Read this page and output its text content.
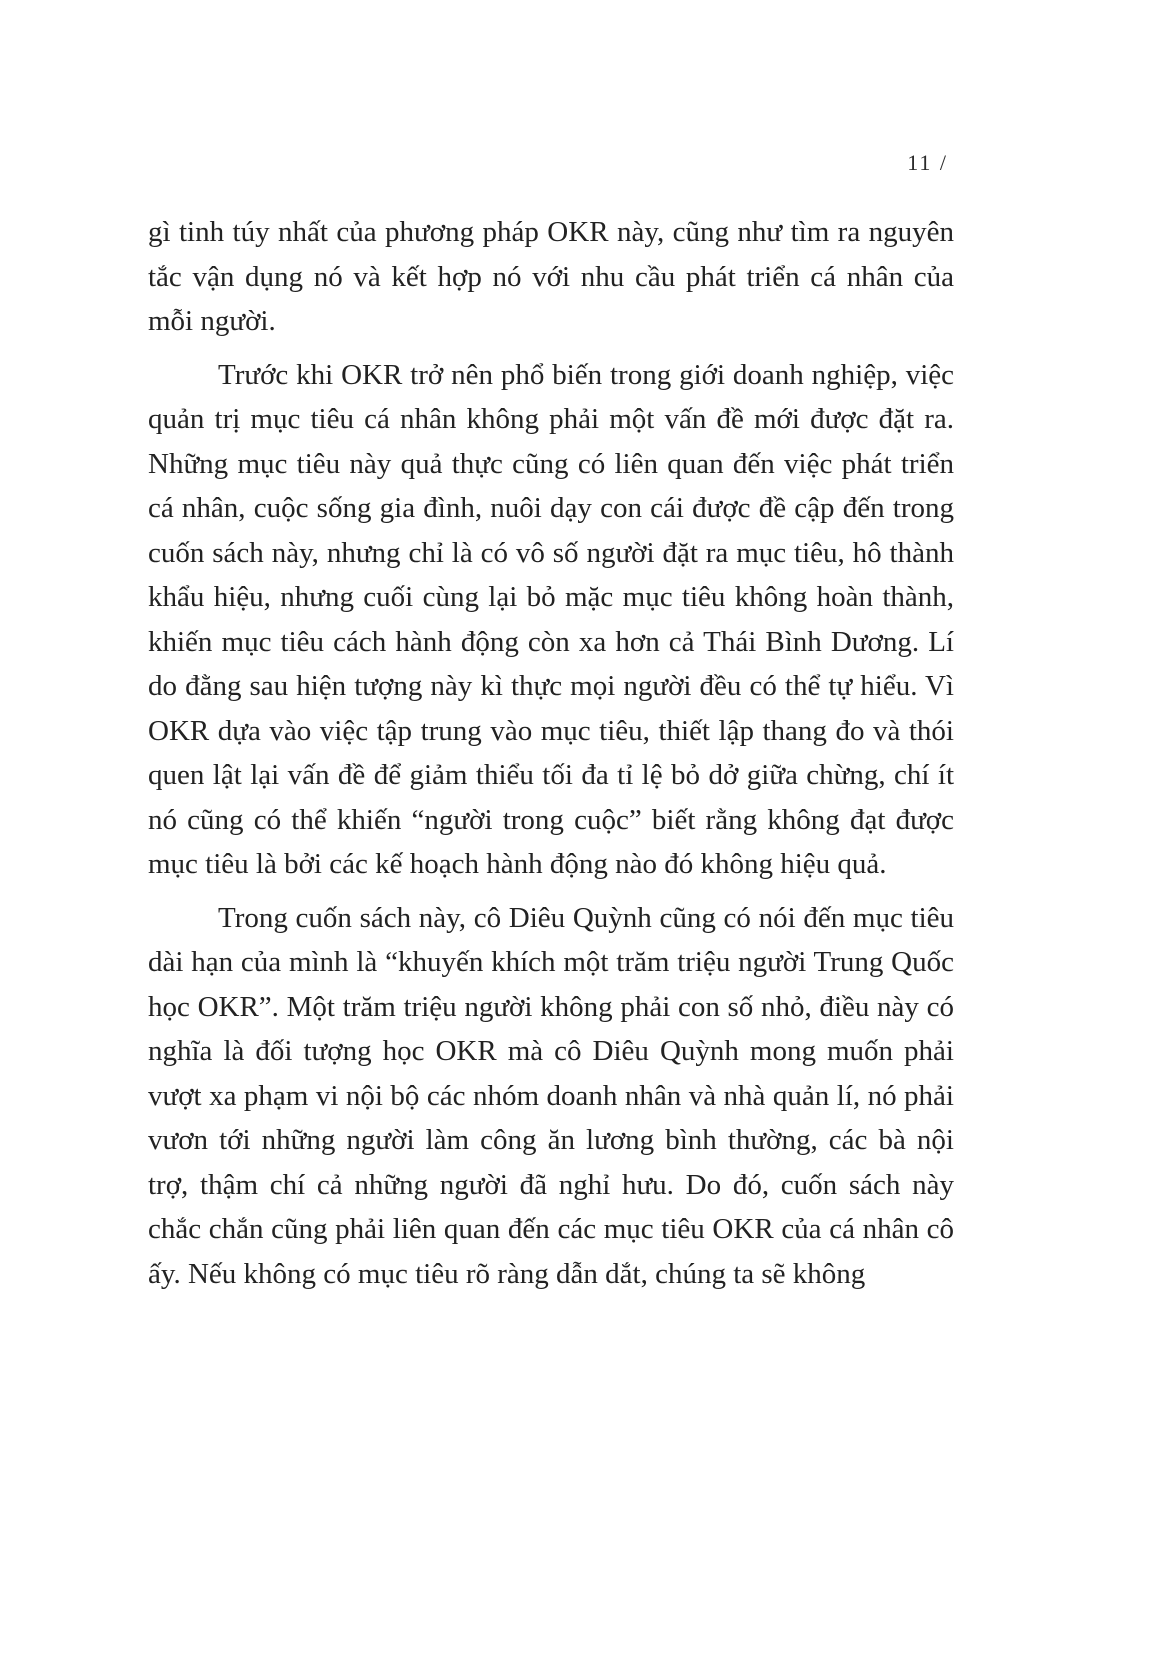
11 /

gì tinh túy nhất của phương pháp OKR này, cũng như tìm ra nguyên tắc vận dụng nó và kết hợp nó với nhu cầu phát triển cá nhân của mỗi người.

Trước khi OKR trở nên phổ biến trong giới doanh nghiệp, việc quản trị mục tiêu cá nhân không phải một vấn đề mới được đặt ra. Những mục tiêu này quả thực cũng có liên quan đến việc phát triển cá nhân, cuộc sống gia đình, nuôi dạy con cái được đề cập đến trong cuốn sách này, nhưng chỉ là có vô số người đặt ra mục tiêu, hô thành khẩu hiệu, nhưng cuối cùng lại bỏ mặc mục tiêu không hoàn thành, khiến mục tiêu cách hành động còn xa hơn cả Thái Bình Dương. Lí do đằng sau hiện tượng này kì thực mọi người đều có thể tự hiểu. Vì OKR dựa vào việc tập trung vào mục tiêu, thiết lập thang đo và thói quen lật lại vấn đề để giảm thiểu tối đa tỉ lệ bỏ dở giữa chừng, chí ít nó cũng có thể khiến “người trong cuộc” biết rằng không đạt được mục tiêu là bởi các kế hoạch hành động nào đó không hiệu quả.

Trong cuốn sách này, cô Diêu Quỳnh cũng có nói đến mục tiêu dài hạn của mình là “khuyến khích một trăm triệu người Trung Quốc học OKR”. Một trăm triệu người không phải con số nhỏ, điều này có nghĩa là đối tượng học OKR mà cô Diêu Quỳnh mong muốn phải vượt xa phạm vi nội bộ các nhóm doanh nhân và nhà quản lí, nó phải vươn tới những người làm công ăn lương bình thường, các bà nội trợ, thậm chí cả những người đã nghỉ hưu. Do đó, cuốn sách này chắc chắn cũng phải liên quan đến các mục tiêu OKR của cá nhân cô ấy. Nếu không có mục tiêu rõ ràng dẫn dắt, chúng ta sẽ không
